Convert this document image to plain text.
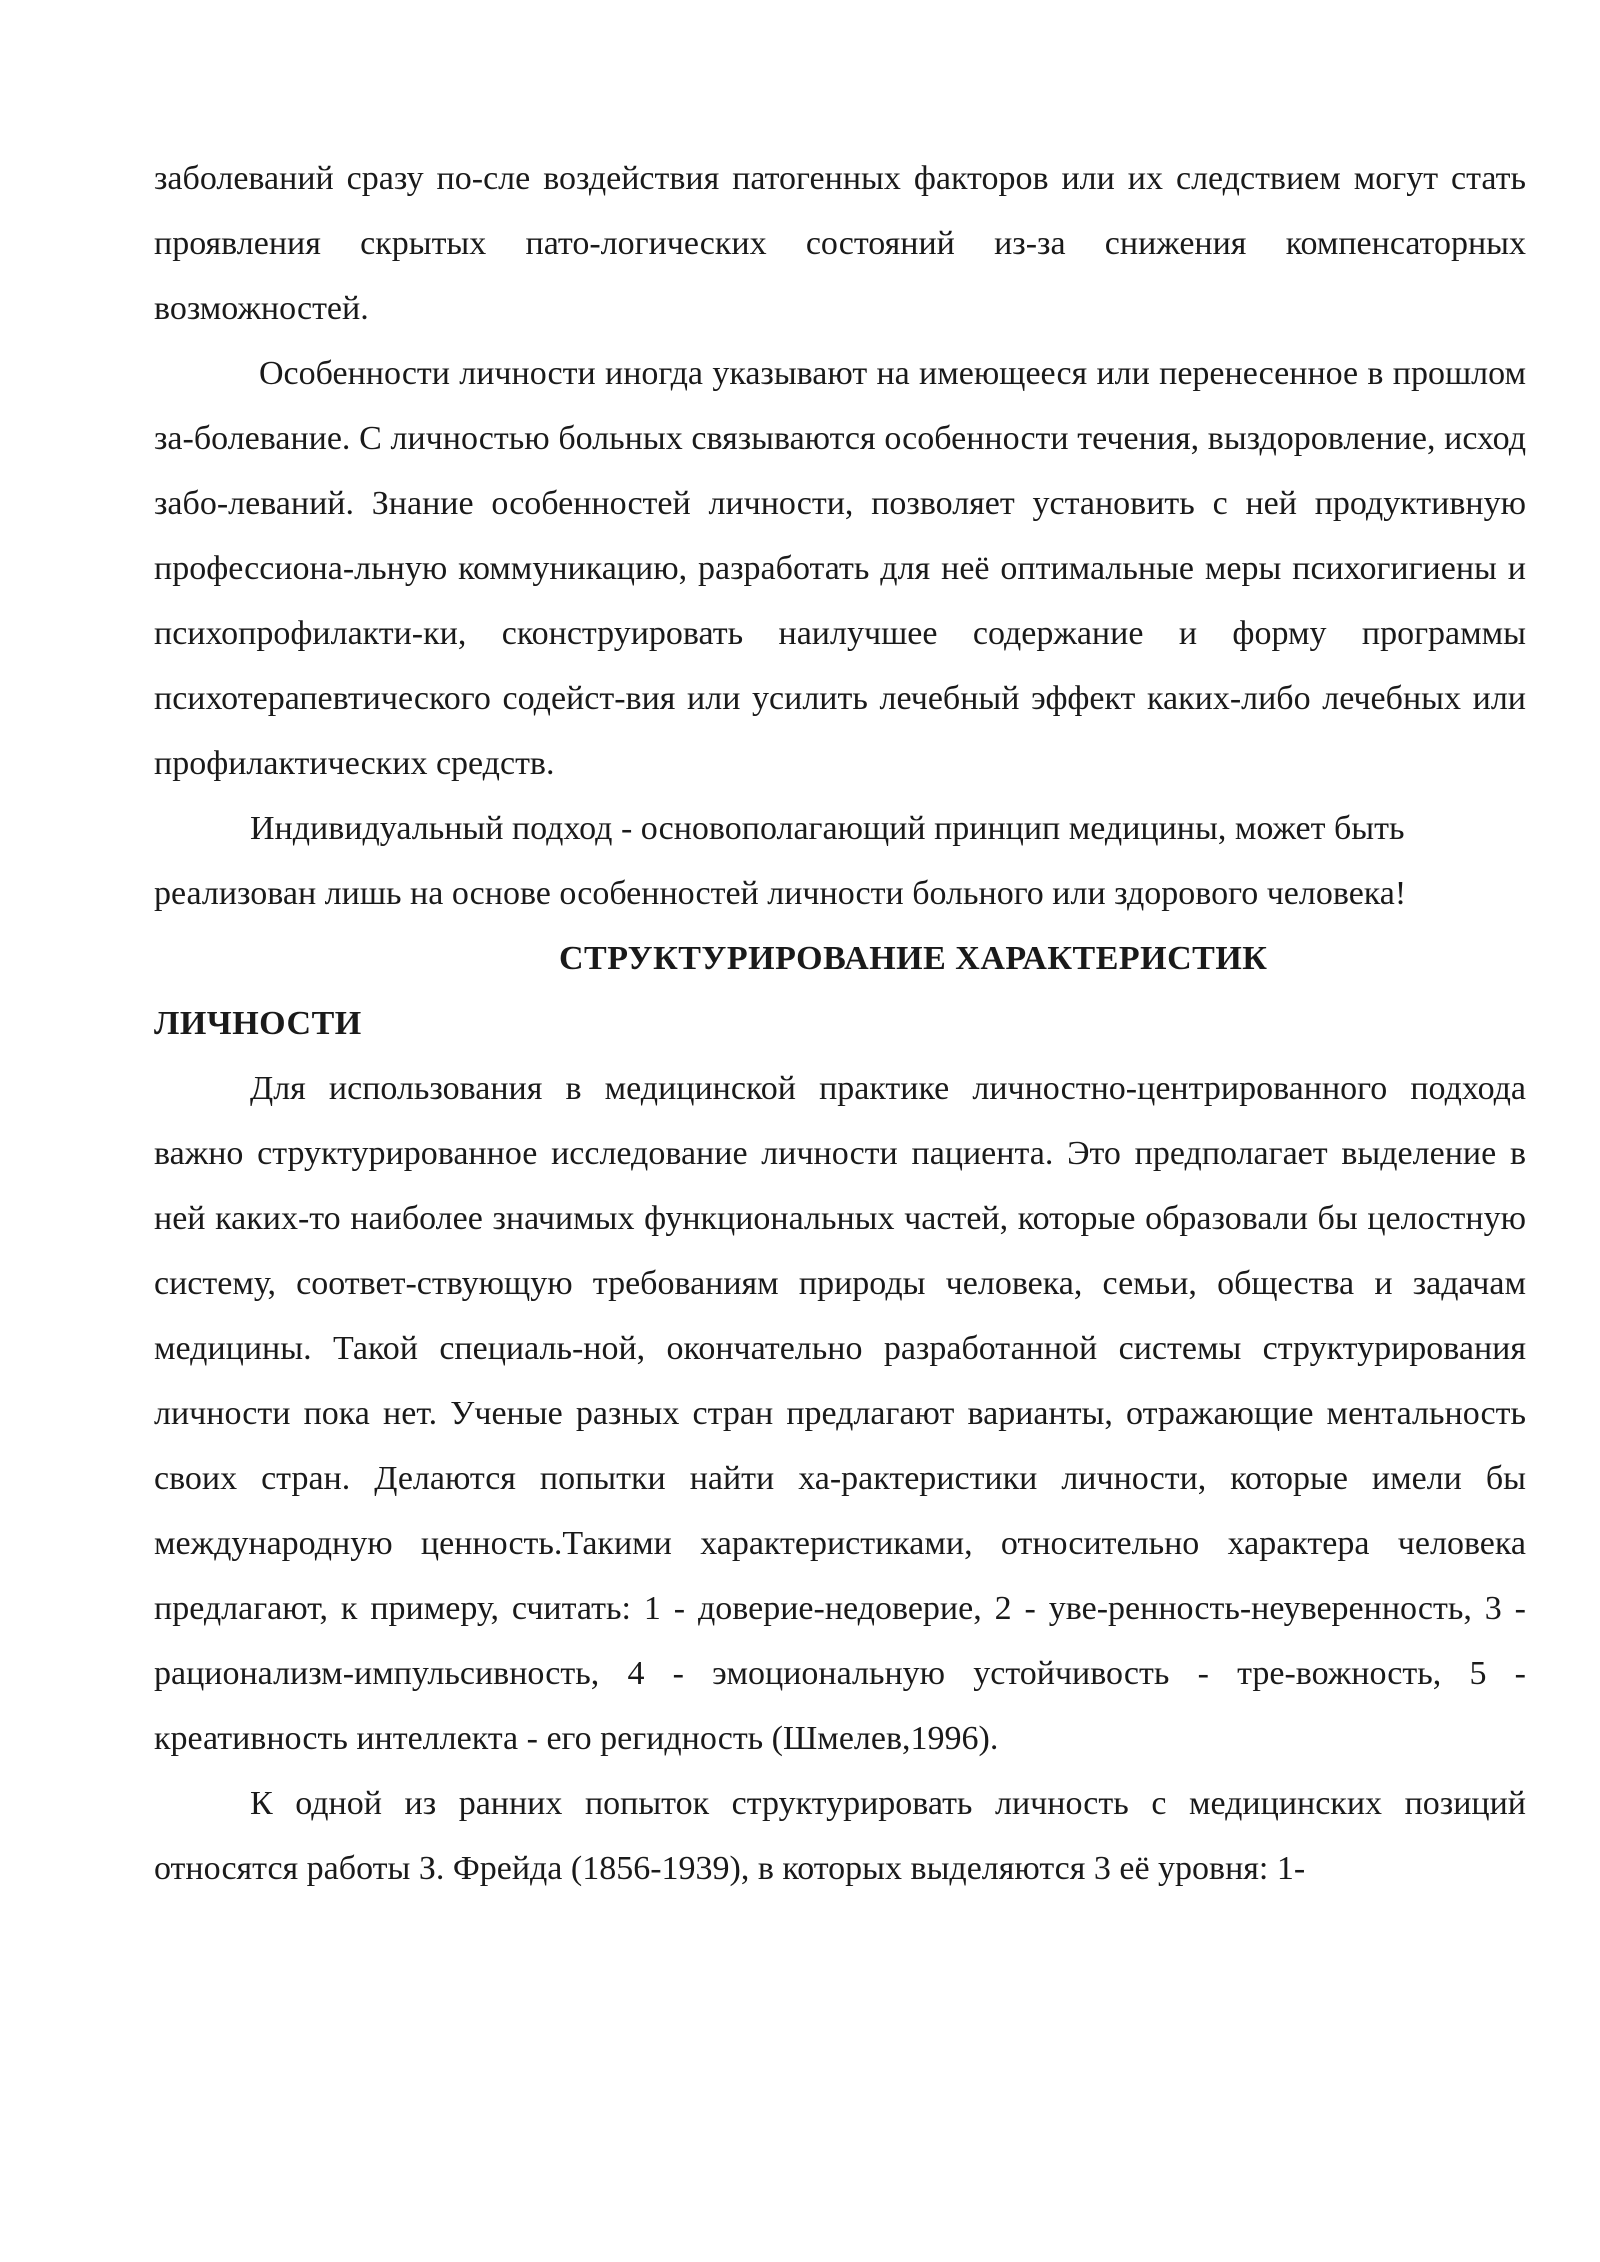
заболеваний сразу по-сле воздействия патогенных факторов или их следствием могут стать проявления скрытых пато-логических состояний из-за снижения компенсаторных возможностей.

Особенности личности иногда указывают на имеющееся или перенесенное в прошлом за-болевание. С личностью больных связываются особенности течения, выздоровление, исход забо-леваний. Знание особенностей личности, позволяет установить с ней продуктивную профессиона-льную коммуникацию, разработать для неё оптимальные меры психогигиены и психопрофилакти-ки, сконструировать наилучшее содержание и форму программы психотерапевтического содейст-вия или усилить лечебный эффект каких-либо лечебных или профилактических средств.

Индивидуальный подход - основополагающий принцип медицины, может быть реализован лишь на основе особенностей личности больного или здорового человека!

СТРУКТУРИРОВАНИЕ ХАРАКТЕРИСТИК
ЛИЧНОСТИ

Для использования в медицинской практике личностно-центрированного подхода важно структурированное исследование личности пациента. Это предполагает выделение в ней каких-то наиболее значимых функциональных частей, которые образовали бы целостную систему, соответ-ствующую требованиям природы человека, семьи, общества и задачам медицины. Такой специаль-ной, окончательно разработанной системы структурирования личности пока нет. Ученые разных стран предлагают варианты, отражающие ментальность своих стран. Делаются попытки найти ха-рактеристики личности, которые имели бы международную ценность.Такими характеристиками, относительно характера человека предлагают, к примеру, считать: 1 - доверие-недоверие, 2 - уве-ренность-неуверенность, 3 - рационализм-импульсивность, 4 - эмоциональную устойчивость - тре-вожность, 5 - креативность интеллекта - его регидность (Шмелев,1996).

К одной из ранних попыток структурировать личность с медицинских позиций относятся работы З. Фрейда (1856-1939), в которых выделяются 3 её уровня: 1-
